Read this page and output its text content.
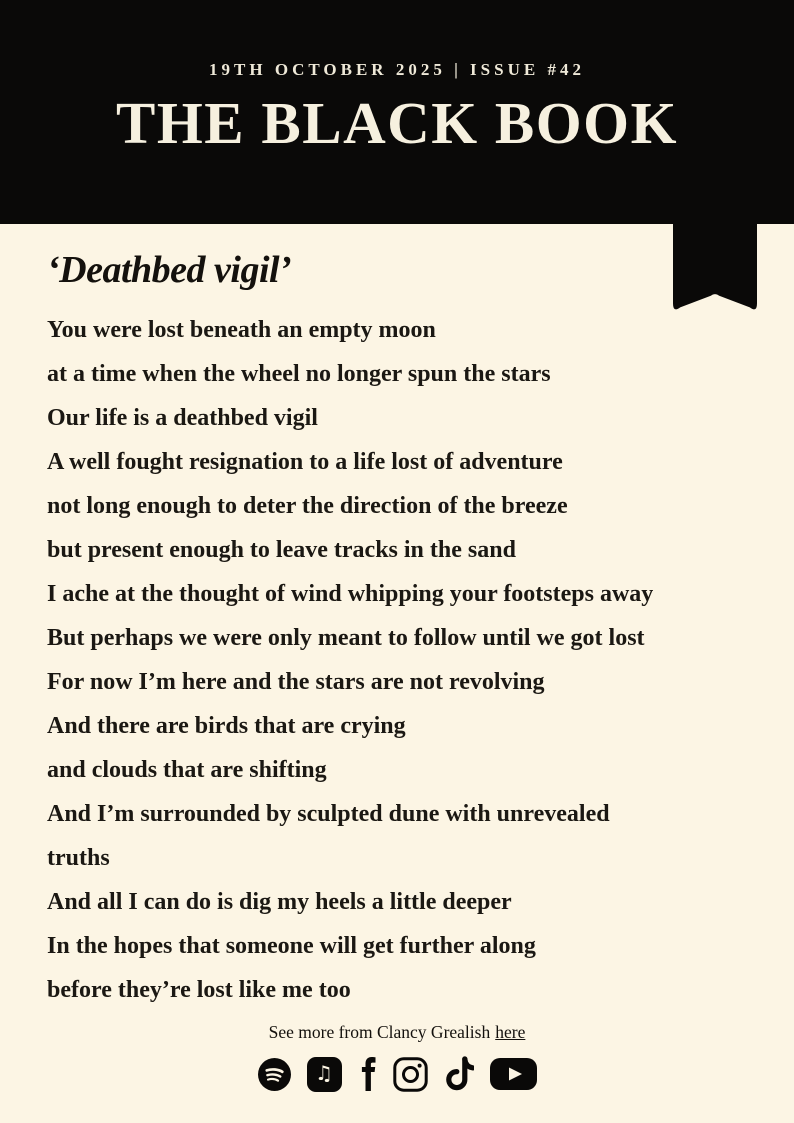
19TH OCTOBER 2025 | ISSUE #42
THE BLACK BOOK
‘Deathbed vigil’
You were lost beneath an empty moon
at a time when the wheel no longer spun the stars
Our life is a deathbed vigil
A well fought resignation to a life lost of adventure
not long enough to deter the direction of the breeze
but present enough to leave tracks in the sand
I ache at the thought of wind whipping your footsteps away
But perhaps we were only meant to follow until we got lost
For now I’m here and the stars are not revolving
And there are birds that are crying
and clouds that are shifting
And I’m surrounded by sculpted dune with unrevealed
truths
And all I can do is dig my heels a little deeper
In the hopes that someone will get further along
before they’re lost like me too
See more from Clancy Grealish here
♫
